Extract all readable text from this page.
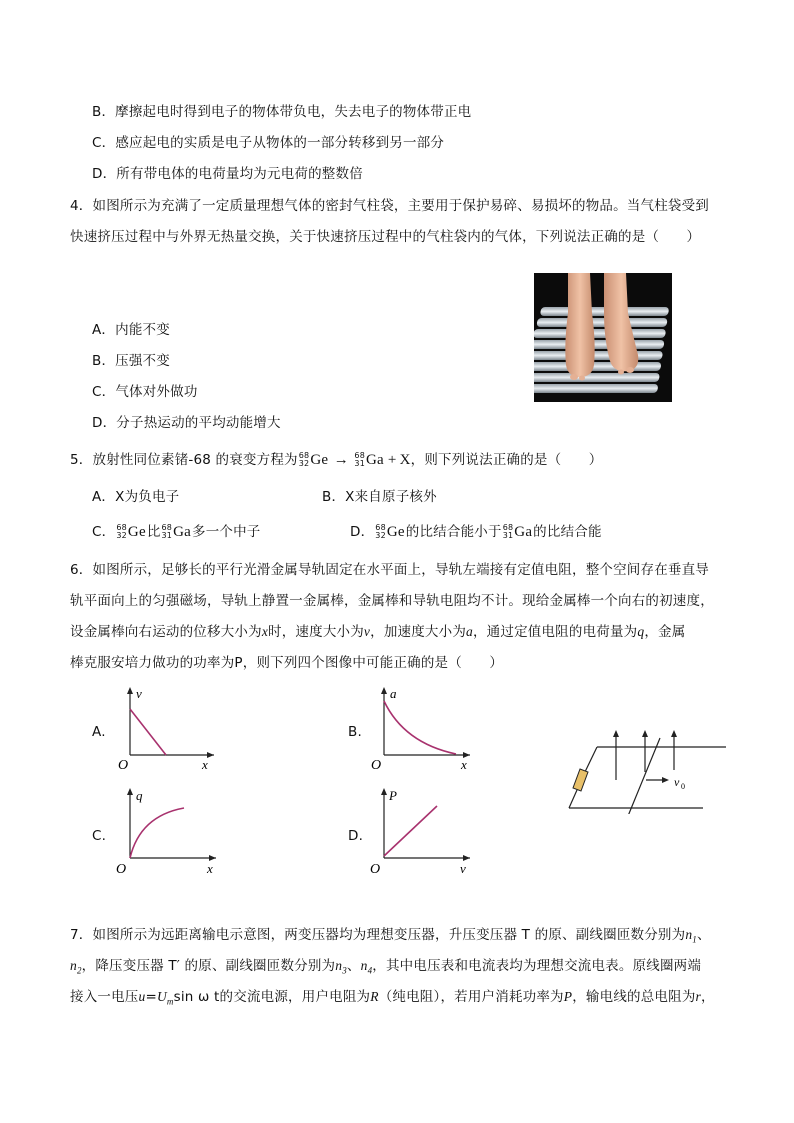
B．摩擦起电时得到电子的物体带负电，失去电子的物体带正电
C．感应起电的实质是电子从物体的一部分转移到另一部分
D．所有带电体的电荷量均为元电荷的整数倍
4．如图所示为充满了一定质量理想气体的密封气柱袋，主要用于保护易碎、易损坏的物品。当气柱袋受到
快速挤压过程中与外界无热量交换，关于快速挤压过程中的气柱袋内的气体，下列说法正确的是（　　）
A．内能不变
B．压强不变
C．气体对外做功
D．分子热运动的平均动能增大
5．放射性同位素锗-68 的衰变方程为 68
32 Ge → 68
31 Ga + X，则下列说法正确的是（　　）
A．X为负电子	B．X来自原子核外
C． 68
32 Ge比 68
31 Ga多一个中子	D． 68
32 Ge的比结合能小于 68
31 Ga的比结合能
6．如图所示，足够长的平行光滑金属导轨固定在水平面上，导轨左端接有定值电阻，整个空间存在垂直导
轨平面向上的匀强磁场，导轨上静置一金属棒，金属棒和导轨电阻均不计。现给金属棒一个向右的初速度，
设金属棒向右运动的位移大小为x时，速度大小为v，加速度大小为a，通过定值电阻的电荷量为q，金属
棒克服安培力做功的功率为P，则下列四个图像中可能正确的是（　　）
A.
v
x
O
B.
a
x
O
v 0
C.
q
x
O
D.
P
v
O
7．如图所示为远距离输电示意图，两变压器均为理想变压器，升压变压器 T 的原、副线圈匝数分别为$n_1$、
$n_2$，降压变压器 T′ 的原、副线圈匝数分别为$n_3$、$n_4$，其中电压表和电流表均为理想交流电表。原线圈两端
接入一电压$u=U_m\sin$ ω t的交流电源，用户电阻为R（纯电阻），若用户消耗功率为P，输电线的总电阻为r，
